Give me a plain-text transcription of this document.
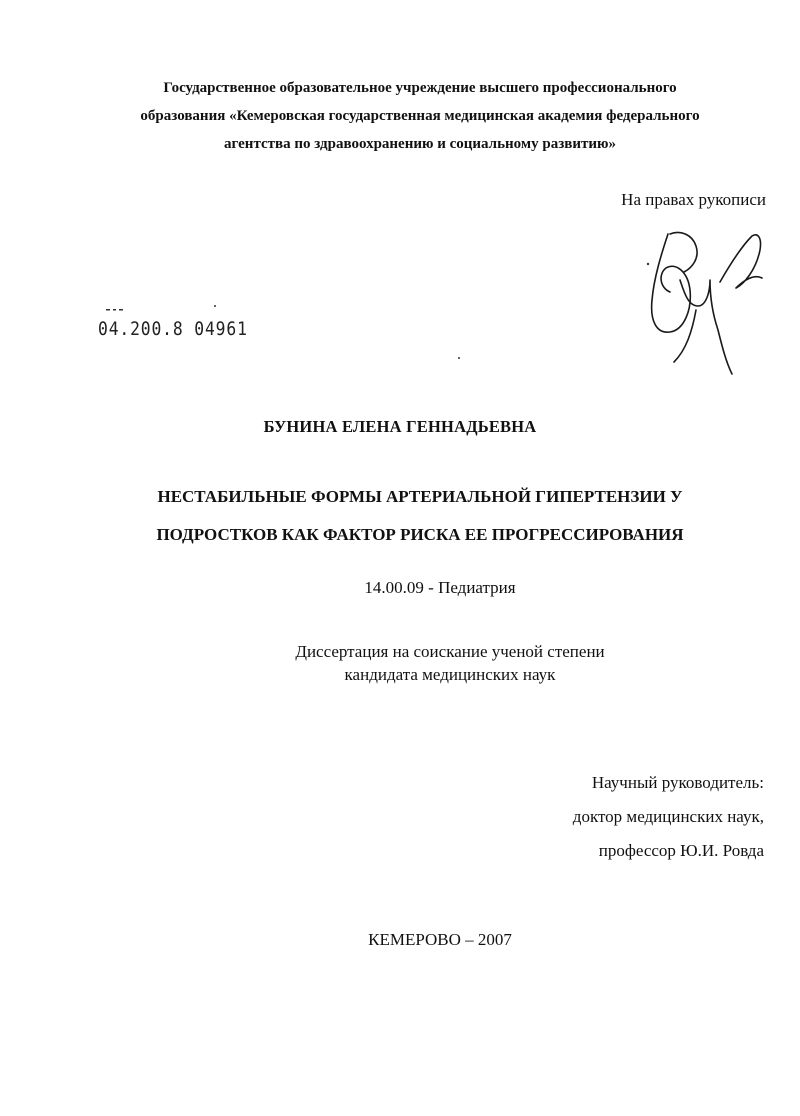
Государственное образовательное учреждение высшего профессионального
образования «Кемеровская государственная медицинская академия федерального
агентства по здравоохранению и социальному развитию»
На правах рукописи
04.200.8 04961
БУНИНА ЕЛЕНА ГЕННАДЬЕВНА
НЕСТАБИЛЬНЫЕ ФОРМЫ АРТЕРИАЛЬНОЙ ГИПЕРТЕНЗИИ У
ПОДРОСТКОВ КАК ФАКТОР РИСКА ЕЕ ПРОГРЕССИРОВАНИЯ
14.00.09 - Педиатрия
Диссертация на соискание ученой степени
кандидата медицинских наук
Научный руководитель:
доктор медицинских наук,
профессор Ю.И. Ровда
КЕМЕРОВО – 2007
